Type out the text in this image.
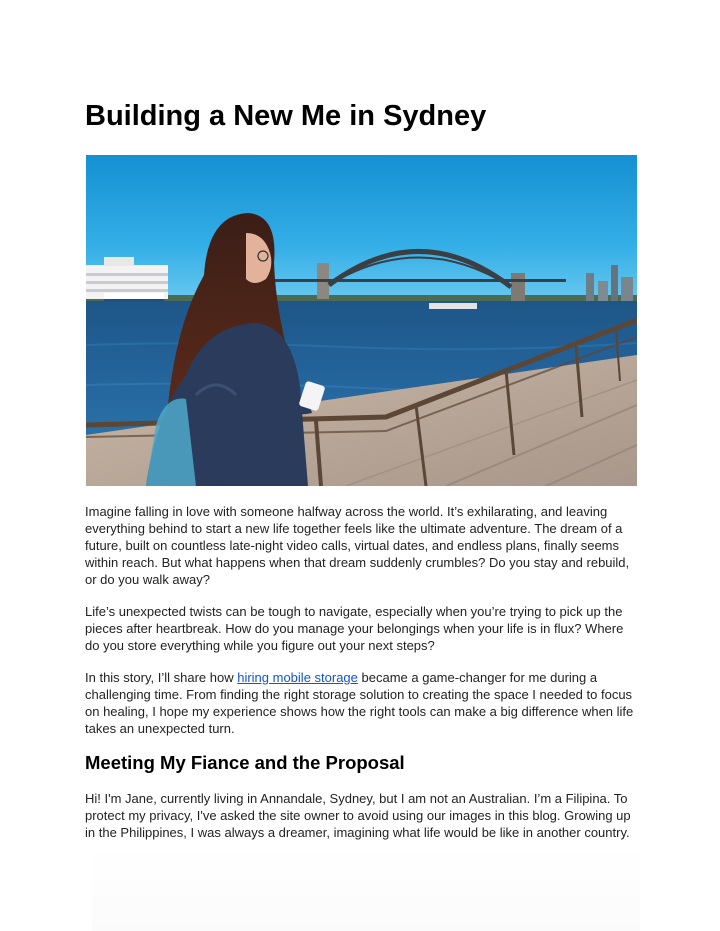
Building a New Me in Sydney

Imagine falling in love with someone halfway across the world. It’s exhilarating, and leaving everything behind to start a new life together feels like the ultimate adventure. The dream of a future, built on countless late-night video calls, virtual dates, and endless plans, finally seems within reach. But what happens when that dream suddenly crumbles? Do you stay and rebuild, or do you walk away?

Life’s unexpected twists can be tough to navigate, especially when you’re trying to pick up the pieces after heartbreak. How do you manage your belongings when your life is in flux? Where do you store everything while you figure out your next steps?

In this story, I’ll share how hiring mobile storage became a game-changer for me during a challenging time. From finding the right storage solution to creating the space I needed to focus on healing, I hope my experience shows how the right tools can make a big difference when life takes an unexpected turn.

Meeting My Fiance and the Proposal

Hi! I'm Jane, currently living in Annandale, Sydney, but I am not an Australian. I’m a Filipina. To protect my privacy, I've asked the site owner to avoid using our images in this blog. Growing up in the Philippines, I was always a dreamer, imagining what life would be like in another country.
